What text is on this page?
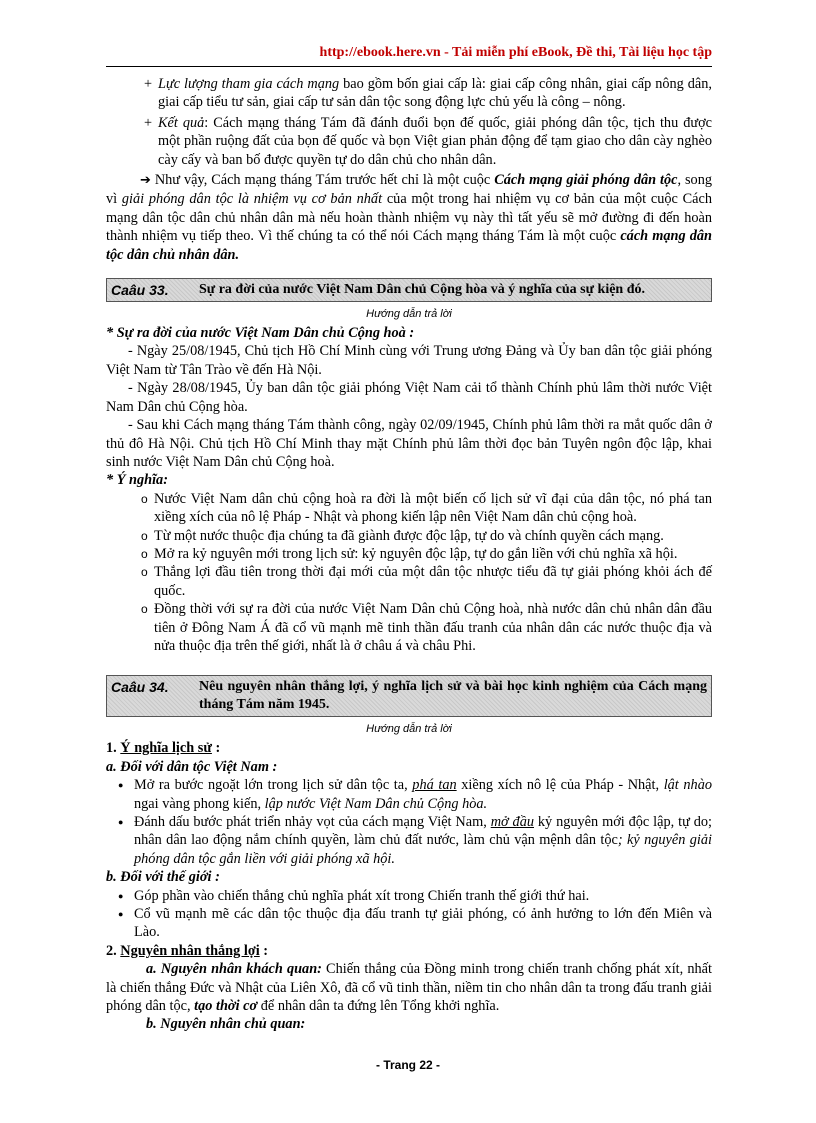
http://ebook.here.vn - Tải miễn phí eBook, Đề thi, Tài liệu học tập

+ Lực lượng tham gia cách mạng bao gồm bốn giai cấp là: giai cấp công nhân, giai cấp nông dân, giai cấp tiểu tư sản, giai cấp tư sản dân tộc song động lực chủ yếu là công – nông.

+ Kết quả: Cách mạng tháng Tám đã đánh đuổi bọn đế quốc, giải phóng dân tộc, tịch thu được một phần ruộng đất của bọn đế quốc và bọn Việt gian phản động để tạm giao cho dân cày nghèo cày cấy và ban bố được quyền tự do dân chủ cho nhân dân.

➔ Như vậy, Cách mạng tháng Tám trước hết chỉ là một cuộc Cách mạng giải phóng dân tộc, song vì giải phóng dân tộc là nhiệm vụ cơ bản nhất của một trong hai nhiệm vụ cơ bản của một cuộc Cách mạng dân tộc dân chủ nhân dân mà nếu hoàn thành nhiệm vụ này thì tất yếu sẽ mở đường đi đến hoàn thành nhiệm vụ tiếp theo. Vì thế chúng ta có thể nói Cách mạng tháng Tám là một cuộc cách mạng dân tộc dân chủ nhân dân.

Caâu 33.	Sự ra đời của nước Việt Nam Dân chủ Cộng hòa và ý nghĩa của sự kiện đó.
Hướng dẫn trả lời

* Sự ra đời của nước Việt Nam Dân chủ Cộng hoà :

- Ngày 25/08/1945, Chủ tịch Hồ Chí Minh cùng với Trung ương Đảng và Ủy ban dân tộc giải phóng Việt Nam từ Tân Trào về đến Hà Nội.

- Ngày 28/08/1945, Ủy ban dân tộc giải phóng Việt Nam cải tổ thành Chính phủ lâm thời nước Việt Nam Dân chủ Cộng hòa.

- Sau khi Cách mạng tháng Tám thành công, ngày 02/09/1945, Chính phủ lâm thời ra mắt quốc dân ở thủ đô Hà Nội. Chủ tịch Hồ Chí Minh thay mặt Chính phủ lâm thời đọc bản Tuyên ngôn độc lập, khai sinh nước Việt Nam Dân chủ Cộng hoà.

* Ý nghĩa:

o Nước Việt Nam dân chủ cộng hoà ra đời là một biến cố lịch sử vĩ đại của dân tộc, nó phá tan xiềng xích của nô lệ Pháp - Nhật và phong kiến lập nên Việt Nam dân chủ cộng hoà.
o Từ một nước thuộc địa chúng ta đã giành được độc lập, tự do và chính quyền cách mạng.
o Mở ra kỷ nguyên mới trong lịch sử: kỷ nguyên độc lập, tự do gắn liền với chủ nghĩa xã hội.
o Thắng lợi đầu tiên trong thời đại mới của một dân tộc nhược tiểu đã tự giải phóng khỏi ách đế quốc.
o Đồng thời với sự ra đời của nước Việt Nam Dân chủ Cộng hoà, nhà nước dân chủ nhân dân đầu tiên ở Đông Nam Á đã cổ vũ mạnh mẽ tinh thần đấu tranh của nhân dân các nước thuộc địa và nửa thuộc địa trên thế giới, nhất là ở châu á và châu Phi.
Caâu 34.	Nêu nguyên nhân thắng lợi, ý nghĩa lịch sử và bài học kinh nghiệm của Cách mạng tháng Tám năm 1945.
Hướng dẫn trả lời

1. Ý nghĩa lịch sử :

a. Đối với dân tộc Việt Nam :

● Mở ra bước ngoặt lớn trong lịch sử dân tộc ta, phá tan xiềng xích nô lệ của Pháp - Nhật, lật nhào ngai vàng phong kiến, lập nước Việt Nam Dân chủ Cộng hòa.
● Đánh dấu bước phát triển nhảy vọt của cách mạng Việt Nam, mở đầu kỷ nguyên mới độc lập, tự do; nhân dân lao động nắm chính quyền, làm chủ đất nước, làm chủ vận mệnh dân tộc; kỷ nguyên giải phóng dân tộc gắn liền với giải phóng xã hội.

b. Đối với thế giới :

● Góp phần vào chiến thắng chủ nghĩa phát xít trong Chiến tranh thế giới thứ hai.
● Cổ vũ mạnh mẽ các dân tộc thuộc địa đấu tranh tự giải phóng, có ảnh hưởng to lớn đến Miên và Lào.

2. Nguyên nhân thắng lợi :

a. Nguyên nhân khách quan: Chiến thắng của Đồng minh trong chiến tranh chống phát xít, nhất là chiến thắng Đức và Nhật của Liên Xô, đã cổ vũ tinh thần, niềm tin cho nhân dân ta trong đấu tranh giải phóng dân tộc, tạo thời cơ để nhân dân ta đứng lên Tổng khởi nghĩa.

b. Nguyên nhân chủ quan:

- Trang 22 -
